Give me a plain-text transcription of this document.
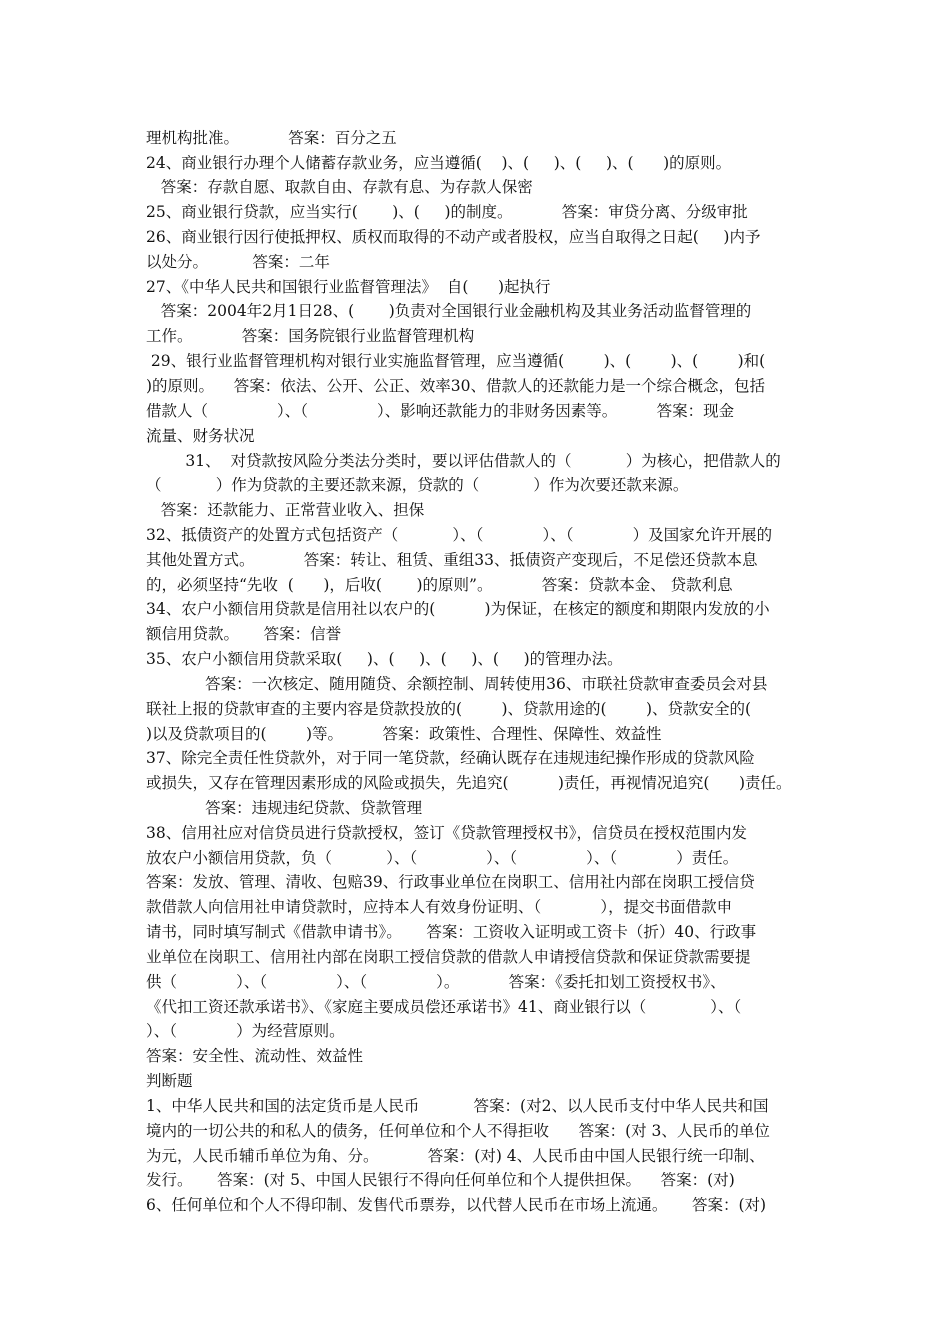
理机构批准。          答案：百分之五
24、商业银行办理个人储蓄存款业务，应当遵循(    )、(     )、(     )、(      )的原则。
答案：存款自愿、取款自由、存款有息、为存款人保密
25、商业银行贷款，应当实行(       )、(     )的制度。          答案：审贷分离、分级审批
26、商业银行因行使抵押权、质权而取得的不动产或者股权，应当自取得之日起(     )内予
以处分。         答案：二年
27、《中华人民共和国银行业监督管理法》  自(      )起执行
答案：2004年2月1日28、(       )负责对全国银行业金融机构及其业务活动监督管理的
工作。          答案：国务院银行业监督管理机构
29、银行业监督管理机构对银行业实施监督管理，应当遵循(        )、(        )、(        )和(
)的原则。    答案：依法、公开、公正、效率30、借款人的还款能力是一个综合概念，包括
借款人（              ）、（              ）、影响还款能力的非财务因素等。        答案：现金
流量、财务状况
31、  对贷款按风险分类法分类时，要以评估借款人的（           ）为核心，把借款人的
（           ）作为贷款的主要还款来源，贷款的（           ）作为次要还款来源。
答案：还款能力、正常营业收入、担保
32、抵债资产的处置方式包括资产（           ）、（            ）、（            ）及国家允许开展的
其他处置方式。          答案：转让、租赁、重组33、抵债资产变现后，不足偿还贷款本息
的，必须坚持“先收  (      )，后收(       )的原则”。          答案：贷款本金、 贷款利息
34、农户小额信用贷款是信用社以农户的(          )为保证，在核定的额度和期限内发放的小
额信用贷款。     答案：信誉
35、农户小额信用贷款采取(     )、(     )、(     )、(     )的管理办法。
答案：一次核定、随用随贷、余额控制、周转使用36、市联社贷款审查委员会对县
联社上报的贷款审查的主要内容是贷款投放的(        )、贷款用途的(        )、贷款安全的(
)以及贷款项目的(        )等。        答案：政策性、合理性、保障性、效益性
37、除完全责任性贷款外，对于同一笔贷款，经确认既存在违规违纪操作形成的贷款风险
或损失，又存在管理因素形成的风险或损失，先追究(          )责任，再视情况追究(      )责任。
答案：违规违纪贷款、贷款管理
38、信用社应对信贷员进行贷款授权，签订《贷款管理授权书》，信贷员在授权范围内发
放农户小额信用贷款，负（           ）、（              ）、（              ）、（            ）责任。
答案：发放、管理、清收、包赔39、行政事业单位在岗职工、信用社内部在岗职工授信贷
款借款人向信用社申请贷款时，应持本人有效身份证明、（            ），提交书面借款申
请书，同时填写制式《借款申请书》。     答案：工资收入证明或工资卡（折）40、行政事
业单位在岗职工、信用社内部在岗职工授信贷款的借款人申请授信贷款和保证贷款需要提
供（            ）、（              ）、（              ）。          答案：《委托扣划工资授权书》、
《代扣工资还款承诺书》、《家庭主要成员偿还承诺书》41、商业银行以（             ）、（
）、（            ）为经营原则。
答案：安全性、流动性、效益性
判断题
1、中华人民共和国的法定货币是人民币           答案：(对2、以人民币支付中华人民共和国
境内的一切公共的和私人的债务，任何单位和个人不得拒收      答案：(对 3、人民币的单位
为元，人民币辅币单位为角、分。          答案：(对) 4、人民币由中国人民银行统一印制、
发行。     答案：(对 5、中国人民银行不得向任何单位和个人提供担保。    答案：(对)
6、任何单位和个人不得印制、发售代币票券，以代替人民币在市场上流通。     答案：(对)
